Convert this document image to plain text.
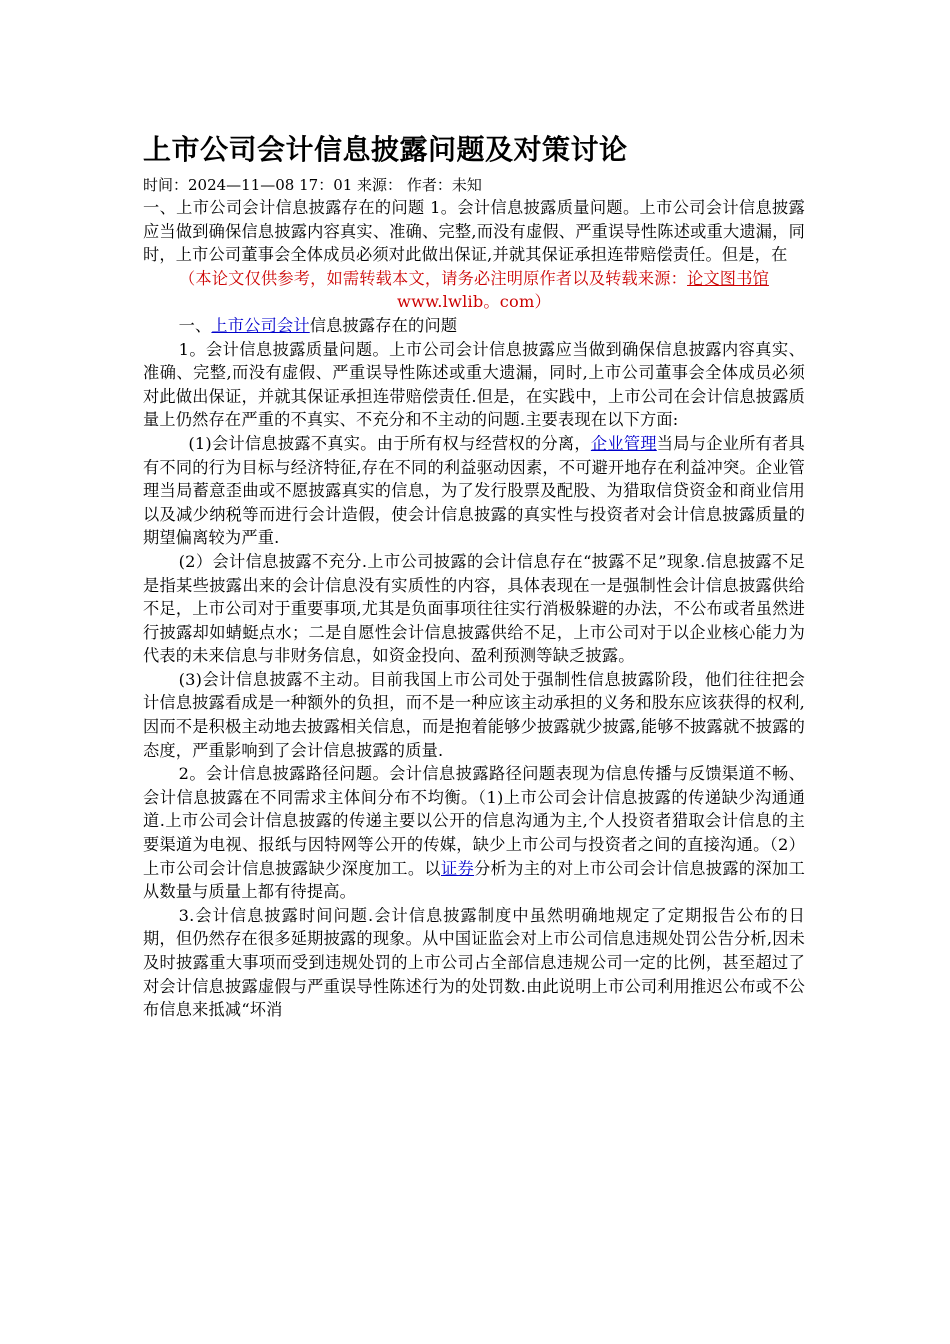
上市公司会计信息披露问题及对策讨论
时间：2024—11—08 17：01 来源： 作者：未知

一、上市公司会计信息披露存在的问题 1。会计信息披露质量问题。上市公司会计信息披露应当做到确保信息披露内容真实、准确、完整,而没有虚假、严重误导性陈述或重大遗漏，同时，上市公司董事会全体成员必须对此做出保证,并就其保证承担连带赔偿责任。但是，在

（本论文仅供参考，如需转载本文，请务必注明原作者以及转载来源：论文图书馆 www.lwlib。com）

一、上市公司会计信息披露存在的问题

1。会计信息披露质量问题。上市公司会计信息披露应当做到确保信息披露内容真实、准确、完整,而没有虚假、严重误导性陈述或重大遗漏，同时,上市公司董事会全体成员必须对此做出保证，并就其保证承担连带赔偿责任.但是，在实践中，上市公司在会计信息披露质量上仍然存在严重的不真实、不充分和不主动的问题.主要表现在以下方面:

(1)会计信息披露不真实。由于所有权与经营权的分离，企业管理当局与企业所有者具有不同的行为目标与经济特征,存在不同的利益驱动因素，不可避开地存在利益冲突。企业管理当局蓄意歪曲或不愿披露真实的信息，为了发行股票及配股、为猎取信贷资金和商业信用以及减少纳税等而进行会计造假，使会计信息披露的真实性与投资者对会计信息披露质量的期望偏离较为严重.

(2）会计信息披露不充分.上市公司披露的会计信息存在“披露不足”现象.信息披露不足是指某些披露出来的会计信息没有实质性的内容，具体表现在一是强制性会计信息披露供给不足，上市公司对于重要事项,尤其是负面事项往往实行消极躲避的办法，不公布或者虽然进行披露却如蜻蜓点水；二是自愿性会计信息披露供给不足，上市公司对于以企业核心能力为代表的未来信息与非财务信息，如资金投向、盈利预测等缺乏披露。

(3)会计信息披露不主动。目前我国上市公司处于强制性信息披露阶段，他们往往把会计信息披露看成是一种额外的负担，而不是一种应该主动承担的义务和股东应该获得的权利,因而不是积极主动地去披露相关信息，而是抱着能够少披露就少披露,能够不披露就不披露的态度，严重影响到了会计信息披露的质量.

2。会计信息披露路径问题。会计信息披露路径问题表现为信息传播与反馈渠道不畅、会计信息披露在不同需求主体间分布不均衡。（1)上市公司会计信息披露的传递缺少沟通通道.上市公司会计信息披露的传递主要以公开的信息沟通为主,个人投资者猎取会计信息的主要渠道为电视、报纸与因特网等公开的传媒，缺少上市公司与投资者之间的直接沟通。（2）上市公司会计信息披露缺少深度加工。以证券分析为主的对上市公司会计信息披露的深加工从数量与质量上都有待提高。

3.会计信息披露时间问题.会计信息披露制度中虽然明确地规定了定期报告公布的日期，但仍然存在很多延期披露的现象。从中国证监会对上市公司信息违规处罚公告分析,因未及时披露重大事项而受到违规处罚的上市公司占全部信息违规公司一定的比例，甚至超过了对会计信息披露虚假与严重误导性陈述行为的处罚数.由此说明上市公司利用推迟公布或不公布信息来抵减“坏消
